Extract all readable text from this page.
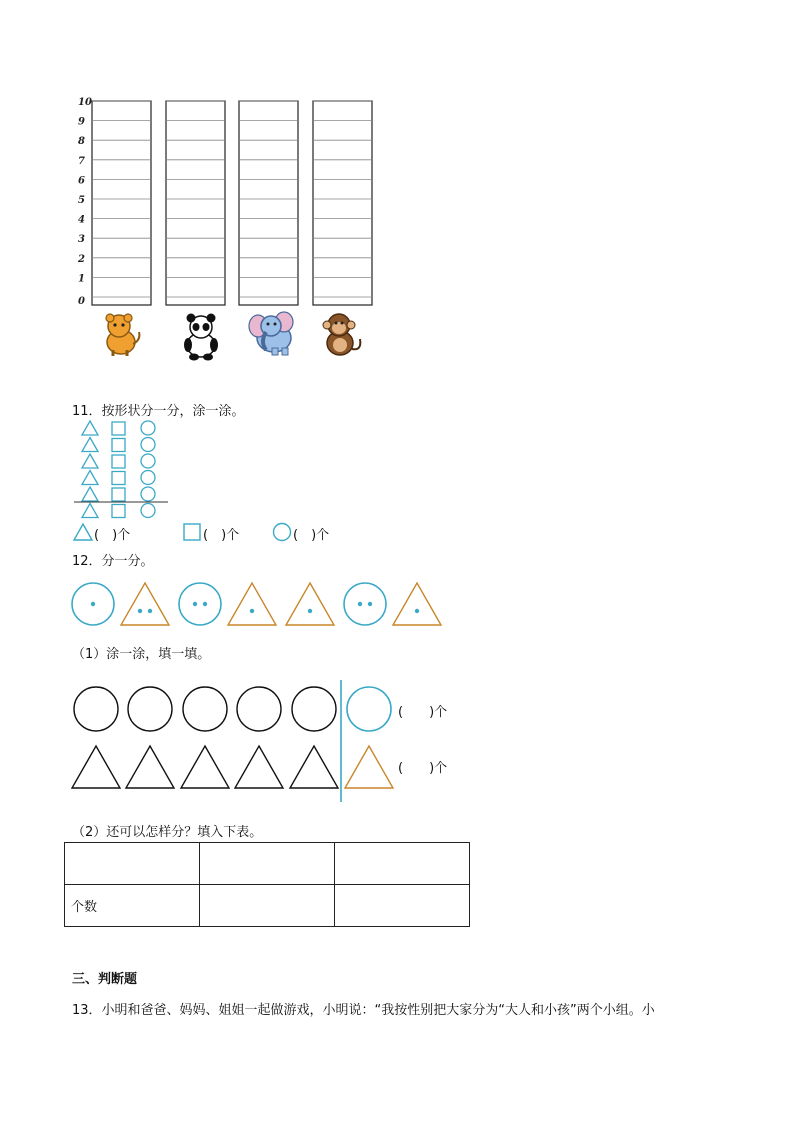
0
1
2
3
4
5
6
7
8
9
10
11．按形状分一分，涂一涂。
(　)个	(　)个	(　)个
12．分一分。
（1）涂一涂，填一填。
(　　)个
(　　)个
（2）还可以怎样分？填入下表。

个数		
三、判断题
13．小明和爸爸、妈妈、姐姐一起做游戏，小明说：“我按性别把大家分为“大人和小孩”两个小组。小
